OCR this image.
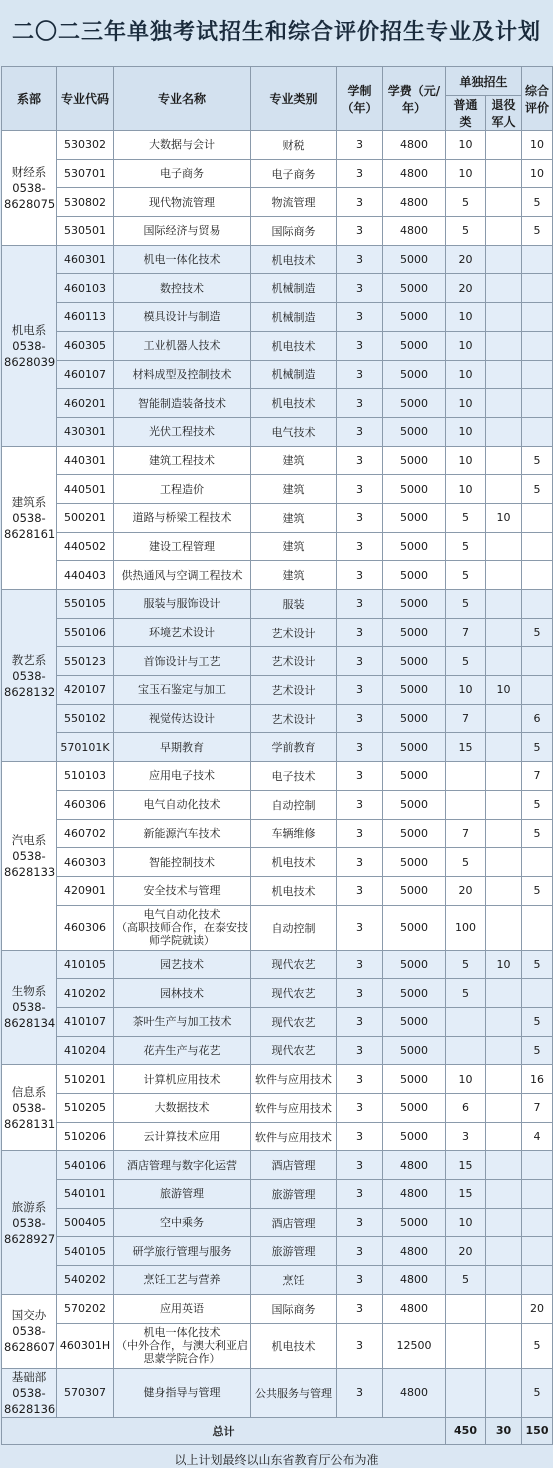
二〇二三年单独考试招生和综合评价招生专业及计划
系部	专业代码	专业名称	专业类别	学制（年）	学费（元/年）	单独招生		综合评价
						普通类	退役军人	
财经系
0538-
8628075	530302	大数据与会计	财税	3	4800	10		10
	530701	电子商务	电子商务	3	4800	10		10
	530802	现代物流管理	物流管理	3	4800	5		5
	530501	国际经济与贸易	国际商务	3	4800	5		5
机电系
0538-
8628039	460301	机电一体化技术	机电技术	3	5000	20		
	460103	数控技术	机械制造	3	5000	20		
	460113	模具设计与制造	机械制造	3	5000	10		
	460305	工业机器人技术	机电技术	3	5000	10		
	460107	材料成型及控制技术	机械制造	3	5000	10		
	460201	智能制造装备技术	机电技术	3	5000	10		
	430301	光伏工程技术	电气技术	3	5000	10		
建筑系
0538-
8628161	440301	建筑工程技术	建筑	3	5000	10		5
	440501	工程造价	建筑	3	5000	10		5
	500201	道路与桥梁工程技术	建筑	3	5000	5	10	
	440502	建设工程管理	建筑	3	5000	5		
	440403	供热通风与空调工程技术	建筑	3	5000	5		
教艺系
0538-
8628132	550105	服装与服饰设计	服装	3	5000	5		
	550106	环境艺术设计	艺术设计	3	5000	7		5
	550123	首饰设计与工艺	艺术设计	3	5000	5		
	420107	宝玉石鉴定与加工	艺术设计	3	5000	10	10	
	550102	视觉传达设计	艺术设计	3	5000	7		6
	570101K	早期教育	学前教育	3	5000	15		5
汽电系
0538-
8628133	510103	应用电子技术	电子技术	3	5000			7
	460306	电气自动化技术	自动控制	3	5000			5
	460702	新能源汽车技术	车辆维修	3	5000	7		5
	460303	智能控制技术	机电技术	3	5000	5		
	420901	安全技术与管理	机电技术	3	5000	20		5
	460306	电气自动化技术
（高职技师合作，在泰安技
师学院就读）	自动控制	3	5000	100		
生物系
0538-
8628134	410105	园艺技术	现代农艺	3	5000	5	10	5
	410202	园林技术	现代农艺	3	5000	5		
	410107	茶叶生产与加工技术	现代农艺	3	5000			5
	410204	花卉生产与花艺	现代农艺	3	5000			5
信息系
0538-
8628131	510201	计算机应用技术	软件与应用技术	3	5000	10		16
	510205	大数据技术	软件与应用技术	3	5000	6		7
	510206	云计算技术应用	软件与应用技术	3	5000	3		4
旅游系
0538-
8628927	540106	酒店管理与数字化运营	酒店管理	3	4800	15		
	540101	旅游管理	旅游管理	3	4800	15		
	500405	空中乘务	酒店管理	3	5000	10		
	540105	研学旅行管理与服务	旅游管理	3	4800	20		
	540202	烹饪工艺与营养	烹饪	3	4800	5		
国交办
0538-
8628607	570202	应用英语	国际商务	3	4800			20
	460301H	机电一体化技术
（中外合作，与澳大利亚启
思蒙学院合作）	机电技术	3	12500			5
基础部
0538-
8628136	570307	健身指导与管理	公共服务与管理	3	4800			5
总计						450	30	150
以上计划最终以山东省教育厅公布为准
